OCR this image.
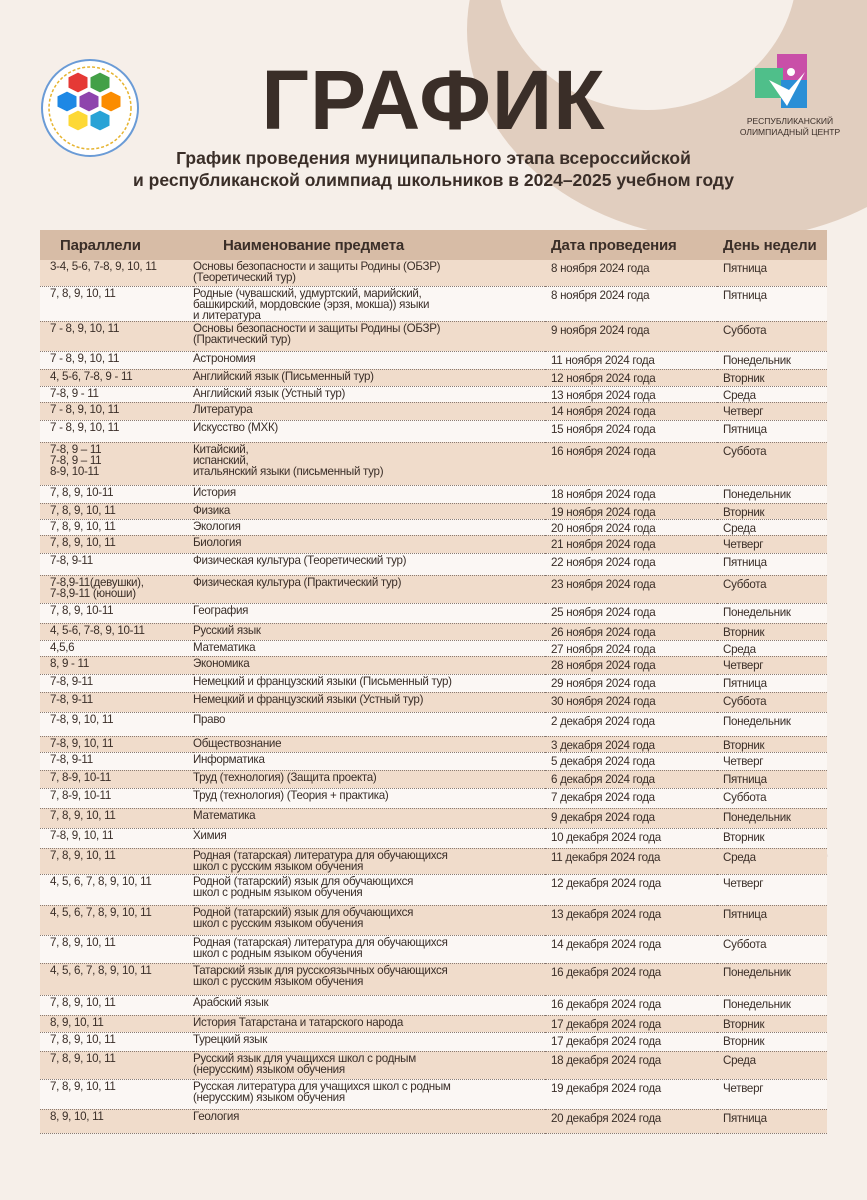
РЕСПУБЛИКАНСКИЙ
ОЛИМПИАДНЫЙ ЦЕНТР
ГРАФИК
График проведения муниципального этапа всероссийской
и республиканской олимпиад школьников в 2024–2025 учебном году
Параллели	Наименование предмета	Дата проведения	День недели

3-4, 5-6, 7-8, 9, 10, 11	Основы безопасности и защиты Родины (ОБЗР)
(Теоретический тур)	8 ноября 2024 года	Пятница

7, 8, 9, 10, 11	Родные (чувашский, удмуртский, марийский,
башкирский, мордовские (эрзя, мокша)) языки
и литература	8 ноября 2024 года	Пятница

7 - 8, 9, 10, 11	Основы безопасности и защиты Родины (ОБЗР)
(Практический тур)	9 ноября 2024 года	Суббота

7 - 8, 9, 10, 11	Астрономия	11 ноября 2024 года	Понедельник

4, 5-6, 7-8, 9 - 11	Английский язык (Письменный тур)	12 ноября 2024 года	Вторник

7-8, 9 - 11	Английский язык (Устный тур)	13 ноября 2024 года	Среда

7 - 8, 9, 10, 11	Литература	14 ноября 2024 года	Четверг

7 - 8, 9, 10, 11	Искусство (МХК)	15 ноября 2024 года	Пятница

7-8, 9 – 11
7-8, 9 – 11
8-9, 10-11	Китайский,
испанский,
итальянский языки (письменный тур)	16 ноября 2024 года	Суббота

7, 8, 9, 10-11	История	18 ноября 2024 года	Понедельник

7, 8, 9, 10, 11	Физика	19 ноября 2024 года	Вторник

7, 8, 9, 10, 11	Экология	20 ноября 2024 года	Среда

7, 8, 9, 10, 11	Биология	21 ноября 2024 года	Четверг

7-8, 9-11	Физическая культура (Теоретический тур)	22 ноября 2024 года	Пятница

7-8,9-11(девушки),
7-8,9-11 (юноши)	Физическая культура (Практический тур)	23 ноября 2024 года	Суббота

7, 8, 9, 10-11	География	25 ноября 2024 года	Понедельник

4, 5-6, 7-8, 9, 10-11	Русский язык	26 ноября 2024 года	Вторник

4,5,6	Математика	27 ноября 2024 года	Среда

8, 9 - 11	Экономика	28 ноября 2024 года	Четверг

7-8, 9-11	Немецкий и французский языки (Письменный тур)	29 ноября 2024 года	Пятница

7-8, 9-11	Немецкий и французский языки (Устный тур)	30 ноября 2024 года	Суббота

7-8, 9, 10, 11	Право	2 декабря 2024 года	Понедельник

7-8, 9, 10, 11	Обществознание	3 декабря 2024 года	Вторник

7-8, 9-11	Информатика	5 декабря 2024 года	Четверг

7, 8-9, 10-11	Труд (технология) (Защита проекта)	6 декабря 2024 года	Пятница

7, 8-9, 10-11	Труд (технология) (Теория + практика)	7 декабря 2024 года	Суббота

7, 8, 9, 10, 11	Математика	9 декабря 2024 года	Понедельник

7-8, 9, 10, 11	Химия	10 декабря 2024 года	Вторник

7, 8, 9, 10, 11	Родная (татарская) литература для обучающихся
школ с русским языком обучения	11 декабря 2024 года	Среда

4, 5, 6, 7, 8, 9, 10, 11	Родной (татарский) язык для обучающихся
школ с родным языком обучения	12 декабря 2024 года	Четверг

4, 5, 6, 7, 8, 9, 10, 11	Родной (татарский) язык для обучающихся
школ с русским языком обучения	13 декабря 2024 года	Пятница

7, 8, 9, 10, 11	Родная (татарская) литература для обучающихся
школ с родным языком обучения	14 декабря 2024 года	Суббота

4, 5, 6, 7, 8, 9, 10, 11	Татарский язык для русскоязычных обучающихся
школ с русским языком обучения	16 декабря 2024 года	Понедельник

7, 8, 9, 10, 11	Арабский язык	16 декабря 2024 года	Понедельник

8, 9, 10, 11	История Татарстана и татарского народа	17 декабря 2024 года	Вторник

7, 8, 9, 10, 11	Турецкий язык	17 декабря 2024 года	Вторник

7, 8, 9, 10, 11	Русский язык для учащихся школ с родным
(нерусским) языком обучения	18 декабря 2024 года	Среда

7, 8, 9, 10, 11	Русская литература для учащихся школ с родным
(нерусским) языком обучения	19 декабря 2024 года	Четверг

8, 9, 10, 11	Геология	20 декабря 2024 года	Пятница
